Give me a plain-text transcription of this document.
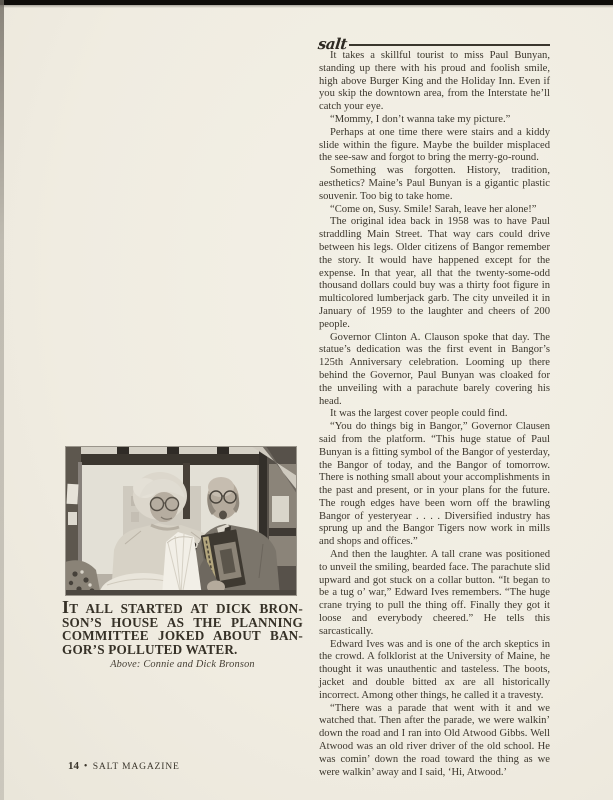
salt

It takes a skillful tourist to miss Paul Bunyan, standing up there with his proud and foolish smile, high above Burger King and the Holiday Inn. Even if you skip the downtown area, from the Interstate he’ll catch your eye.

“Mommy, I don’t wanna take my picture.”

Perhaps at one time there were stairs and a kiddy slide within the figure. Maybe the builder misplaced the see-saw and forgot to bring the merry-go-round.

Something was forgotten. History, tradition, aesthetics? Maine’s Paul Bunyan is a gigantic plastic souvenir. Too big to take home.

“Come on, Susy. Smile! Sarah, leave her alone!”

The original idea back in 1958 was to have Paul straddling Main Street. That way cars could drive between his legs. Older citizens of Bangor remember the story. It would have happened except for the expense. In that year, all that the twenty-some-odd thousand dollars could buy was a thirty foot figure in multicolored lumberjack garb. The city unveiled it in January of 1959 to the laughter and cheers of 200 people.

Governor Clinton A. Clauson spoke that day. The statue’s dedication was the first event in Bangor’s 125th Anniversary celebration. Looming up there behind the Governor, Paul Bunyan was cloaked for the unveiling with a parachute barely covering his head.

It was the largest cover people could find.

“You do things big in Bangor,” Governor Clausen said from the platform. “This huge statue of Paul Bunyan is a fitting symbol of the Bangor of yesterday, the Bangor of today, and the Bangor of tomorrow. There is nothing small about your accomplishments in the past and present, or in your plans for the future. The rough edges have been worn off the brawling Bangor of yesteryear . . . . Diversified industry has sprung up and the Bangor Tigers now work in mills and shops and offices.”

And then the laughter. A tall crane was positioned to unveil the smiling, bearded face. The parachute slid upward and got stuck on a collar button. “It began to be a tug o’ war,” Edward Ives remembers. “The huge crane trying to pull the thing off. Finally they got it loose and everybody cheered.” He tells this sarcastically.

Edward Ives was and is one of the arch skeptics in the crowd. A folklorist at the University of Maine, he thought it was unauthentic and tasteless. The boots, jacket and double bitted ax are all historically incorrect. Among other things, he called it a travesty.

“There was a parade that went with it and we watched that. Then after the parade, we were walkin’ down the road and I ran into Old Atwood Gibbs. Well Atwood was an old river driver of the old school. He was comin’ down the road toward the thing as we were walkin’ away and I said, ‘Hi, Atwood.’

IT ALL STARTED AT DICK BRON-
SON’S HOUSE AS THE PLANNING
COMMITTEE JOKED ABOUT BAN-
GOR’S POLLUTED WATER.
Above: Connie and Dick Bronson
14 • SALT MAGAZINE
